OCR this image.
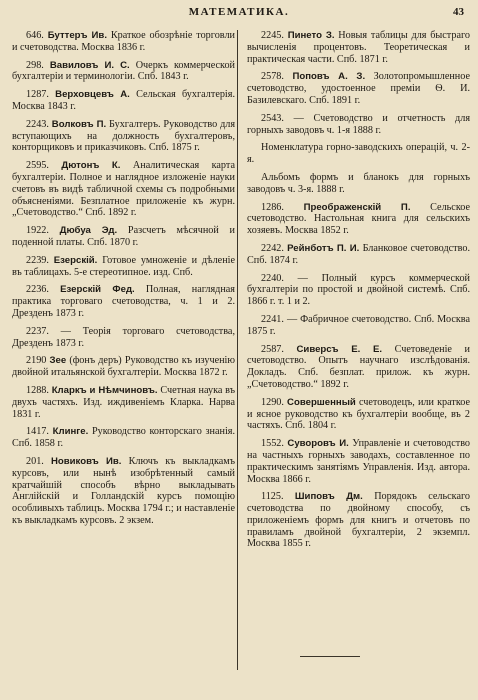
МАТЕМАТИКА.	43

646. Буттеръ Ив. Краткое обозрѣніе торговли и счетоводства. Москва 1836 г.

298. Вавиловъ И. С. Очеркъ коммерческой бухгалтеріи и терминологіи. Спб. 1843 г.

1287. Верховцевъ А. Сельская бухгалтерія. Москва 1843 г.

2243. Волковъ П. Бухгалтеръ. Руководство для вступающихъ на должность бухгалтеровъ, конторщиковъ и приказчиковъ. Спб. 1875 г.

2595. Дютонъ К. Аналитическая карта бухгалтеріи. Полное и наглядное изложеніе науки счетовъ въ видѣ табличной схемы съ подробными объясненіями. Безплатное приложеніе къ журн. „Счетоводство.“ Спб. 1892 г.

1922. Дюбуа Эд. Разсчетъ мѣсячной и поденной платы. Спб. 1870 г.

2239. Езерскій. Готовое умноженіе и дѣленіе въ таблицахъ. 5-е стереотипное. изд. Спб.

2236. Езерскій Фед. Полная, наглядная практика торговаго счетоводства, ч. 1 и 2. Дрезденъ 1873 г.

2237. — Теорія торговаго счетоводства, Дрезденъ 1873 г.

2190 Зее (фонъ деръ) Руководство къ изученію двойной итальянской бухгалтеріи. Москва 1872 г.

1288. Кларкъ и Нѣмчиновъ. Счетная наука въ двухъ частяхъ. Изд. иждивеніемъ Кларка. Нарва 1831 г.

1417. Клинге. Руководство конторскаго знанія. Спб. 1858 г.

201. Новиковъ Ив. Ключъ къ выкладкамъ курсовъ, или нынѣ изобрѣтенный самый кратчайшій способъ вѣрно выкладывать Англійскій и Голландскій курсъ помощію особливыхъ таблицъ. Москва 1794 г.; и наставленіе къ выкладкамъ курсовъ. 2 экзем.

2245. Пинето З. Новыя таблицы для быстраго вычисленія процентовъ. Теоретическая и практическая части. Спб. 1871 г.

2578. Поповъ А. З. Золотопромышленное счетоводство, удостоенное преміи Ѳ. И. Базилевскаго. Спб. 1891 г.

2543. — Счетоводство и отчетность для горныхъ заводовъ ч. 1-я 1888 г.

Номенклатура горно-заводскихъ операцій, ч. 2-я.

Альбомъ формъ и бланокъ для горныхъ заводовъ ч. 3-я. 1888 г.

1286. Преображенскій П. Сельское счетоводство. Настольная книга для сельскихъ хозяевъ. Москва 1852 г.

2242. Рейнботъ П. И. Бланковое счетоводство. Спб. 1874 г.

2240. — Полный курсъ коммерческой бухгалтеріи по простой и двойной системѣ. Спб. 1866 г. т. 1 и 2.

2241. — Фабричное счетоводство. Спб. Москва 1875 г.

2587. Сиверсъ Е. Е. Счетоведеніе и счетоводство. Опытъ научнаго изслѣдованія. Докладъ. Спб. безплат. прилож. къ журн. „Счетоводство.“ 1892 г.

1290. Совершенный счетоводецъ, или краткое и ясное руководство къ бухгалтеріи вообще, въ 2 частяхъ. Спб. 1804 г.

1552. Суворовъ И. Управленіе и счетоводство на частныхъ горныхъ заводахъ, составленное по практическимъ занятіямъ Управленія. Изд. автора. Москва 1866 г.

1125. Шиповъ Дм. Порядокъ сельскаго счетоводства по двойному способу, съ приложеніемъ формъ для книгъ и отчетовъ по правиламъ двойной бухгалтеріи, 2 экземпл. Москва 1855 г.
